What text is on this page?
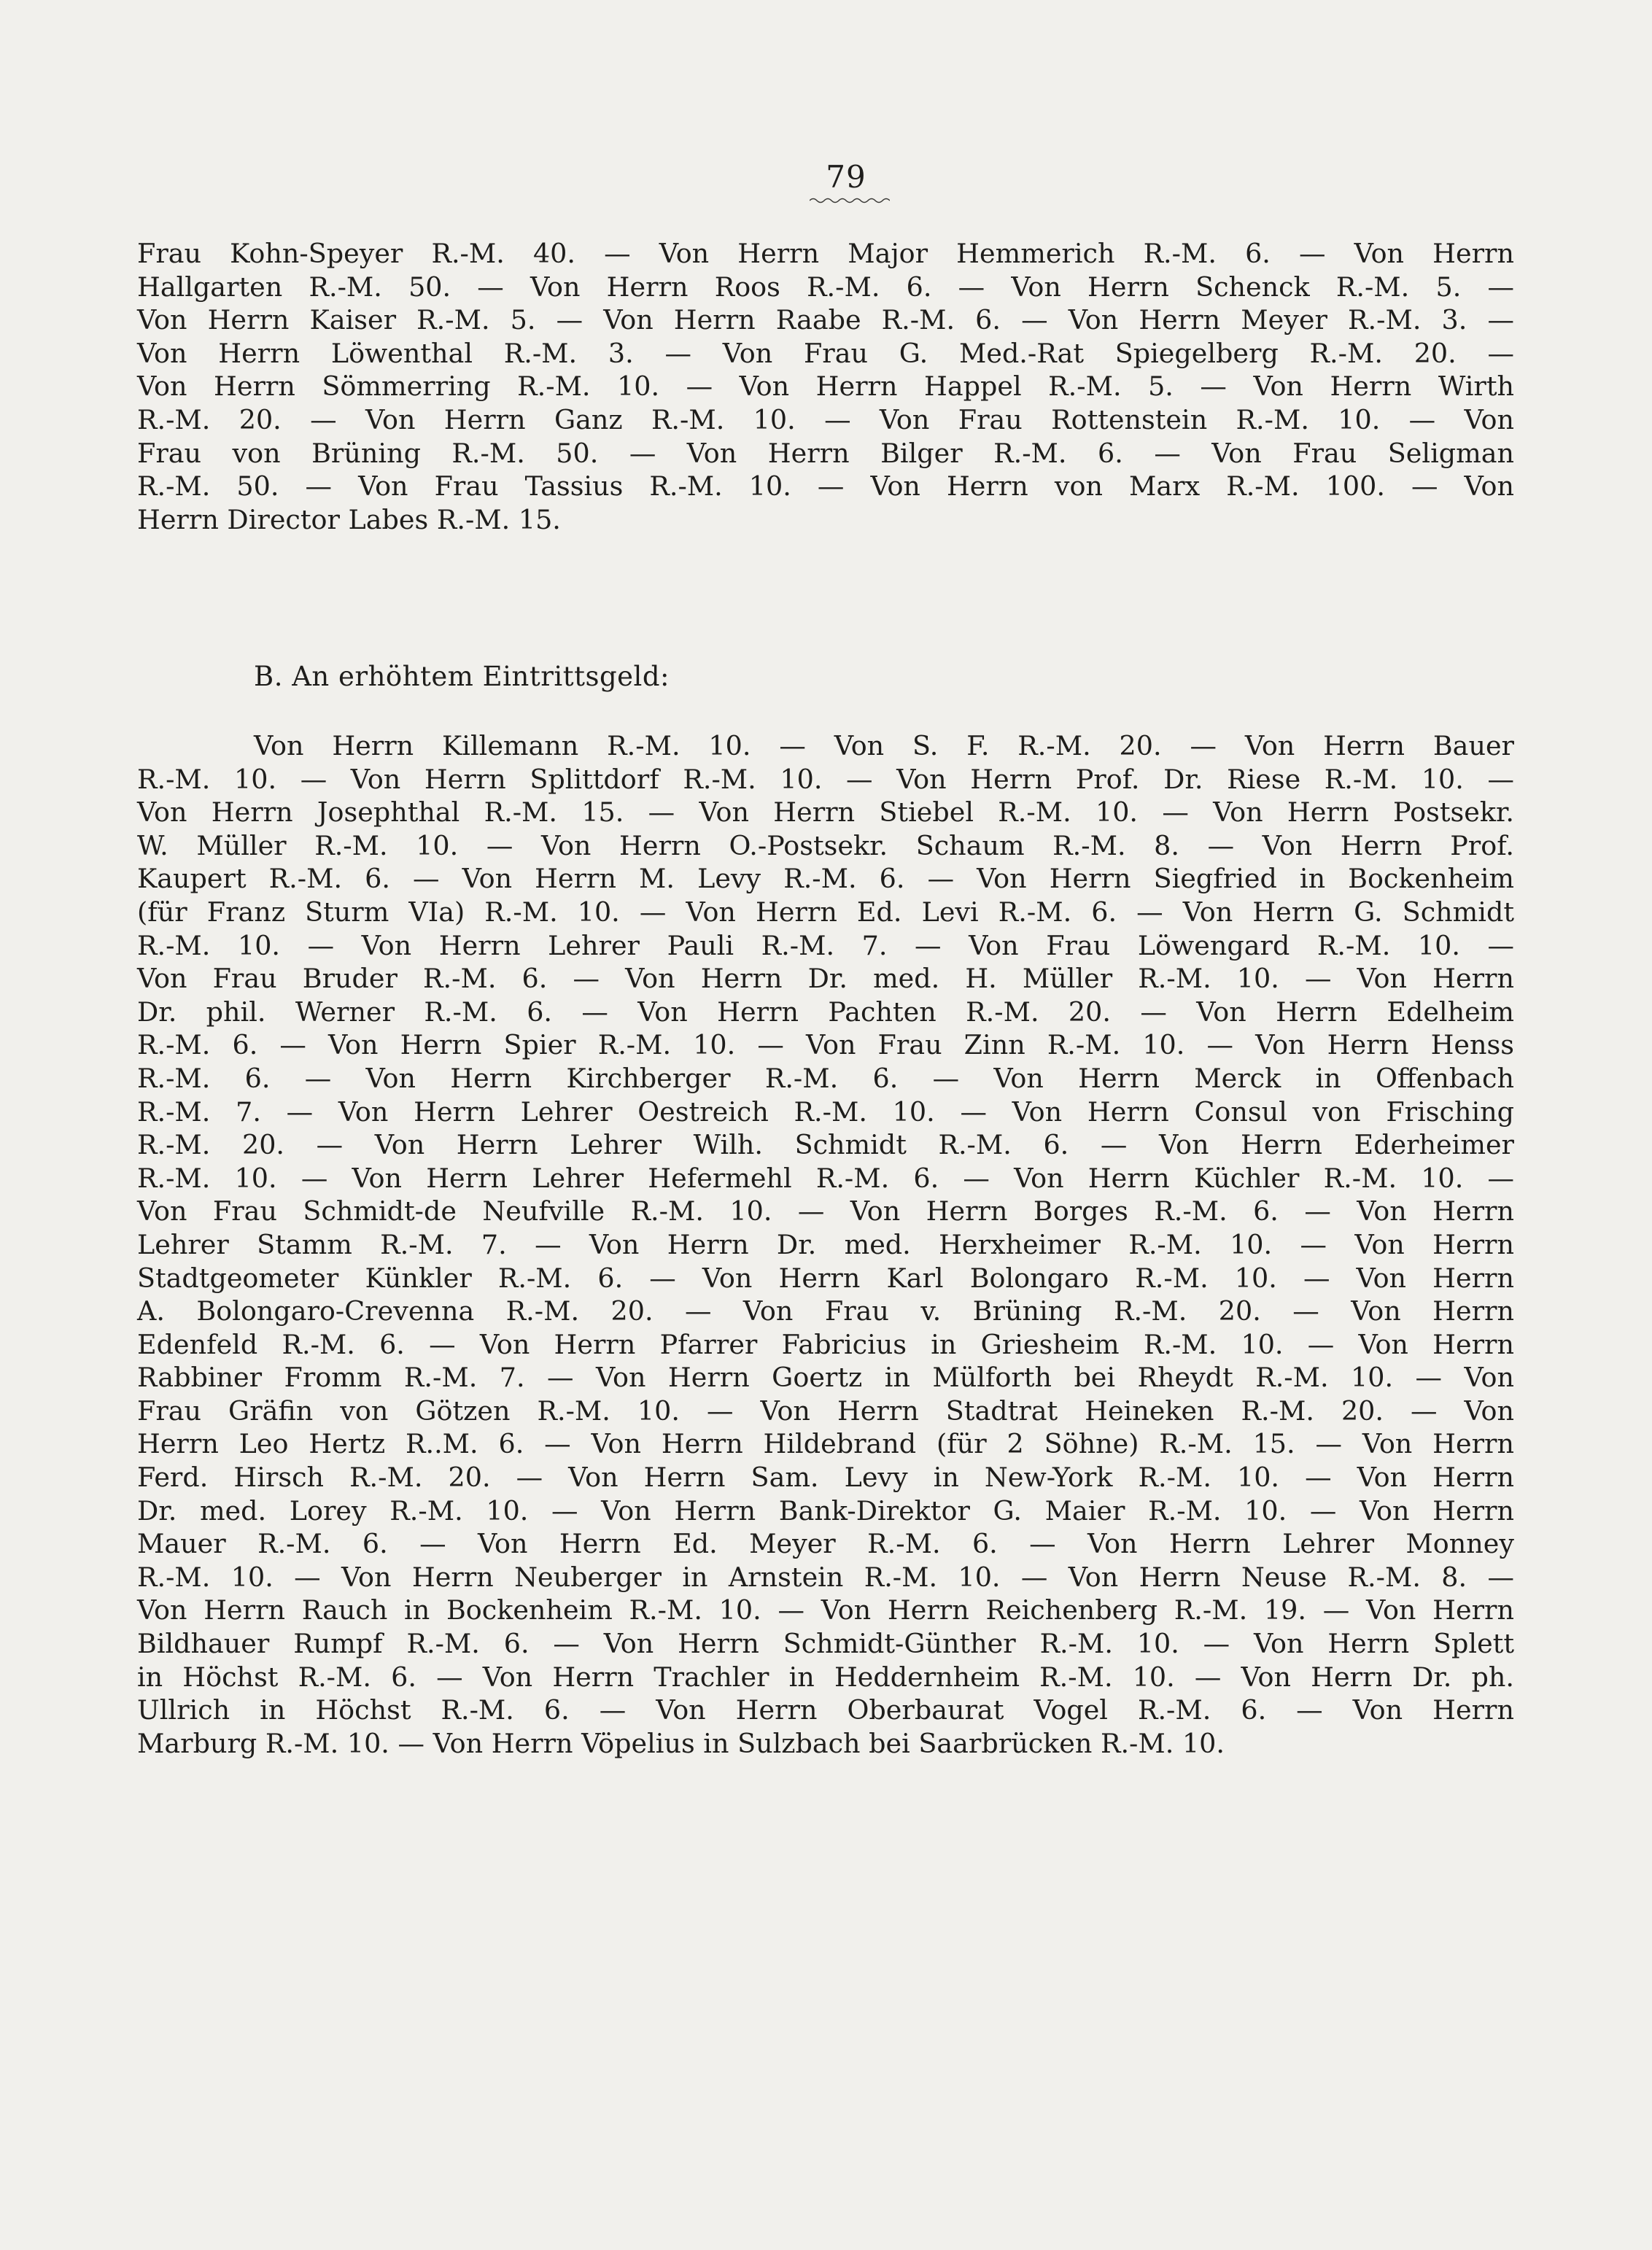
79
Frau Kohn-Speyer R.-M. 40. — Von Herrn Major Hemmerich R.-M. 6. — Von Herrn
Hallgarten R.-M. 50. — Von Herrn Roos R.-M. 6. — Von Herrn Schenck R.-M. 5. —
Von Herrn Kaiser R.-M. 5. — Von Herrn Raabe R.-M. 6. — Von Herrn Meyer R.-M. 3. —
Von Herrn Löwenthal R.-M. 3. — Von Frau G. Med.-Rat Spiegelberg R.-M. 20. —
Von Herrn Sömmerring R.-M. 10. — Von Herrn Happel R.-M. 5. — Von Herrn Wirth
R.-M. 20. — Von Herrn Ganz R.-M. 10. — Von Frau Rottenstein R.-M. 10. — Von
Frau von Brüning R.-M. 50. — Von Herrn Bilger R.-M. 6. — Von Frau Seligman
R.-M. 50. — Von Frau Tassius R.-M. 10. — Von Herrn von Marx R.-M. 100. — Von
Herrn Director Labes R.-M. 15.
B. An erhöhtem Eintrittsgeld:
Von Herrn Killemann R.-M. 10. — Von S. F. R.-M. 20. — Von Herrn Bauer
R.-M. 10. — Von Herrn Splittdorf R.-M. 10. — Von Herrn Prof. Dr. Riese R.-M. 10. —
Von Herrn Josephthal R.-M. 15. — Von Herrn Stiebel R.-M. 10. — Von Herrn Postsekr.
W. Müller R.-M. 10. — Von Herrn O.-Postsekr. Schaum R.-M. 8. — Von Herrn Prof.
Kaupert R.-M. 6. — Von Herrn M. Levy R.-M. 6. — Von Herrn Siegfried in Bockenheim
(für Franz Sturm VIa) R.-M. 10. — Von Herrn Ed. Levi R.-M. 6. — Von Herrn G. Schmidt
R.-M. 10. — Von Herrn Lehrer Pauli R.-M. 7. — Von Frau Löwengard R.-M. 10. —
Von Frau Bruder R.-M. 6. — Von Herrn Dr. med. H. Müller R.-M. 10. — Von Herrn
Dr. phil. Werner R.-M. 6. — Von Herrn Pachten R.-M. 20. — Von Herrn Edelheim
R.-M. 6. — Von Herrn Spier R.-M. 10. — Von Frau Zinn R.-M. 10. — Von Herrn Henss
R.-M. 6. — Von Herrn Kirchberger R.-M. 6. — Von Herrn Merck in Offenbach
R.-M. 7. — Von Herrn Lehrer Oestreich R.-M. 10. — Von Herrn Consul von Frisching
R.-M. 20. — Von Herrn Lehrer Wilh. Schmidt R.-M. 6. — Von Herrn Ederheimer
R.-M. 10. — Von Herrn Lehrer Hefermehl R.-M. 6. — Von Herrn Küchler R.-M. 10. —
Von Frau Schmidt-de Neufville R.-M. 10. — Von Herrn Borges R.-M. 6. — Von Herrn
Lehrer Stamm R.-M. 7. — Von Herrn Dr. med. Herxheimer R.-M. 10. — Von Herrn
Stadtgeometer Künkler R.-M. 6. — Von Herrn Karl Bolongaro R.-M. 10. — Von Herrn
A. Bolongaro-Crevenna R.-M. 20. — Von Frau v. Brüning R.-M. 20. — Von Herrn
Edenfeld R.-M. 6. — Von Herrn Pfarrer Fabricius in Griesheim R.-M. 10. — Von Herrn
Rabbiner Fromm R.-M. 7. — Von Herrn Goertz in Mülforth bei Rheydt R.-M. 10. — Von
Frau Gräfin von Götzen R.-M. 10. — Von Herrn Stadtrat Heineken R.-M. 20. — Von
Herrn Leo Hertz R..M. 6. — Von Herrn Hildebrand (für 2 Söhne) R.-M. 15. — Von Herrn
Ferd. Hirsch R.-M. 20. — Von Herrn Sam. Levy in New-York R.-M. 10. — Von Herrn
Dr. med. Lorey R.-M. 10. — Von Herrn Bank-Direktor G. Maier R.-M. 10. — Von Herrn
Mauer R.-M. 6. — Von Herrn Ed. Meyer R.-M. 6. — Von Herrn Lehrer Monney
R.-M. 10. — Von Herrn Neuberger in Arnstein R.-M. 10. — Von Herrn Neuse R.-M. 8. —
Von Herrn Rauch in Bockenheim R.-M. 10. — Von Herrn Reichenberg R.-M. 19. — Von Herrn
Bildhauer Rumpf R.-M. 6. — Von Herrn Schmidt-Günther R.-M. 10. — Von Herrn Splett
in Höchst R.-M. 6. — Von Herrn Trachler in Heddernheim R.-M. 10. — Von Herrn Dr. ph.
Ullrich in Höchst R.-M. 6. — Von Herrn Oberbaurat Vogel R.-M. 6. — Von Herrn
Marburg R.-M. 10. — Von Herrn Vöpelius in Sulzbach bei Saarbrücken R.-M. 10.
